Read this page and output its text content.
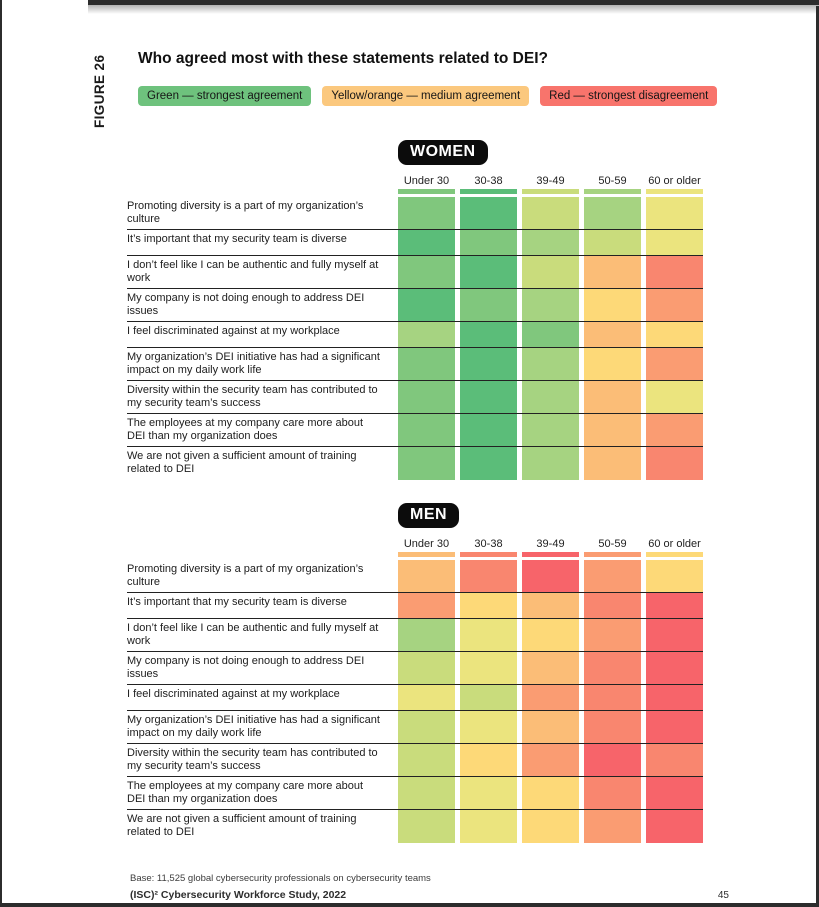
FIGURE 26 Who agreed most with these statements related to DEI?
Green — strongest agreement	Yellow/orange — medium agreement	Red — strongest disagreement
WOMEN
Under 30	30-38	39-49	50-59	60 or older
Promoting diversity is a part of my organization’s culture
It’s important that my security team is diverse
I don’t feel like I can be authentic and fully myself at work
My company is not doing enough to address DEI issues
I feel discriminated against at my workplace
My organization’s DEI initiative has had a significant impact on my daily work life
Diversity within the security team has contributed to my security team’s success
The employees at my company care more about DEI than my organization does
We are not given a sufficient amount of training related to DEI
MEN
Under 30	30-38	39-49	50-59	60 or older
Promoting diversity is a part of my organization’s culture
It’s important that my security team is diverse
I don’t feel like I can be authentic and fully myself at work
My company is not doing enough to address DEI issues
I feel discriminated against at my workplace
My organization’s DEI initiative has had a significant impact on my daily work life
Diversity within the security team has contributed to my security team’s success
The employees at my company care more about DEI than my organization does
We are not given a sufficient amount of training related to DEI
Base: 11,525 global cybersecurity professionals on cybersecurity teams
(ISC)² Cybersecurity Workforce Study, 2022	45
